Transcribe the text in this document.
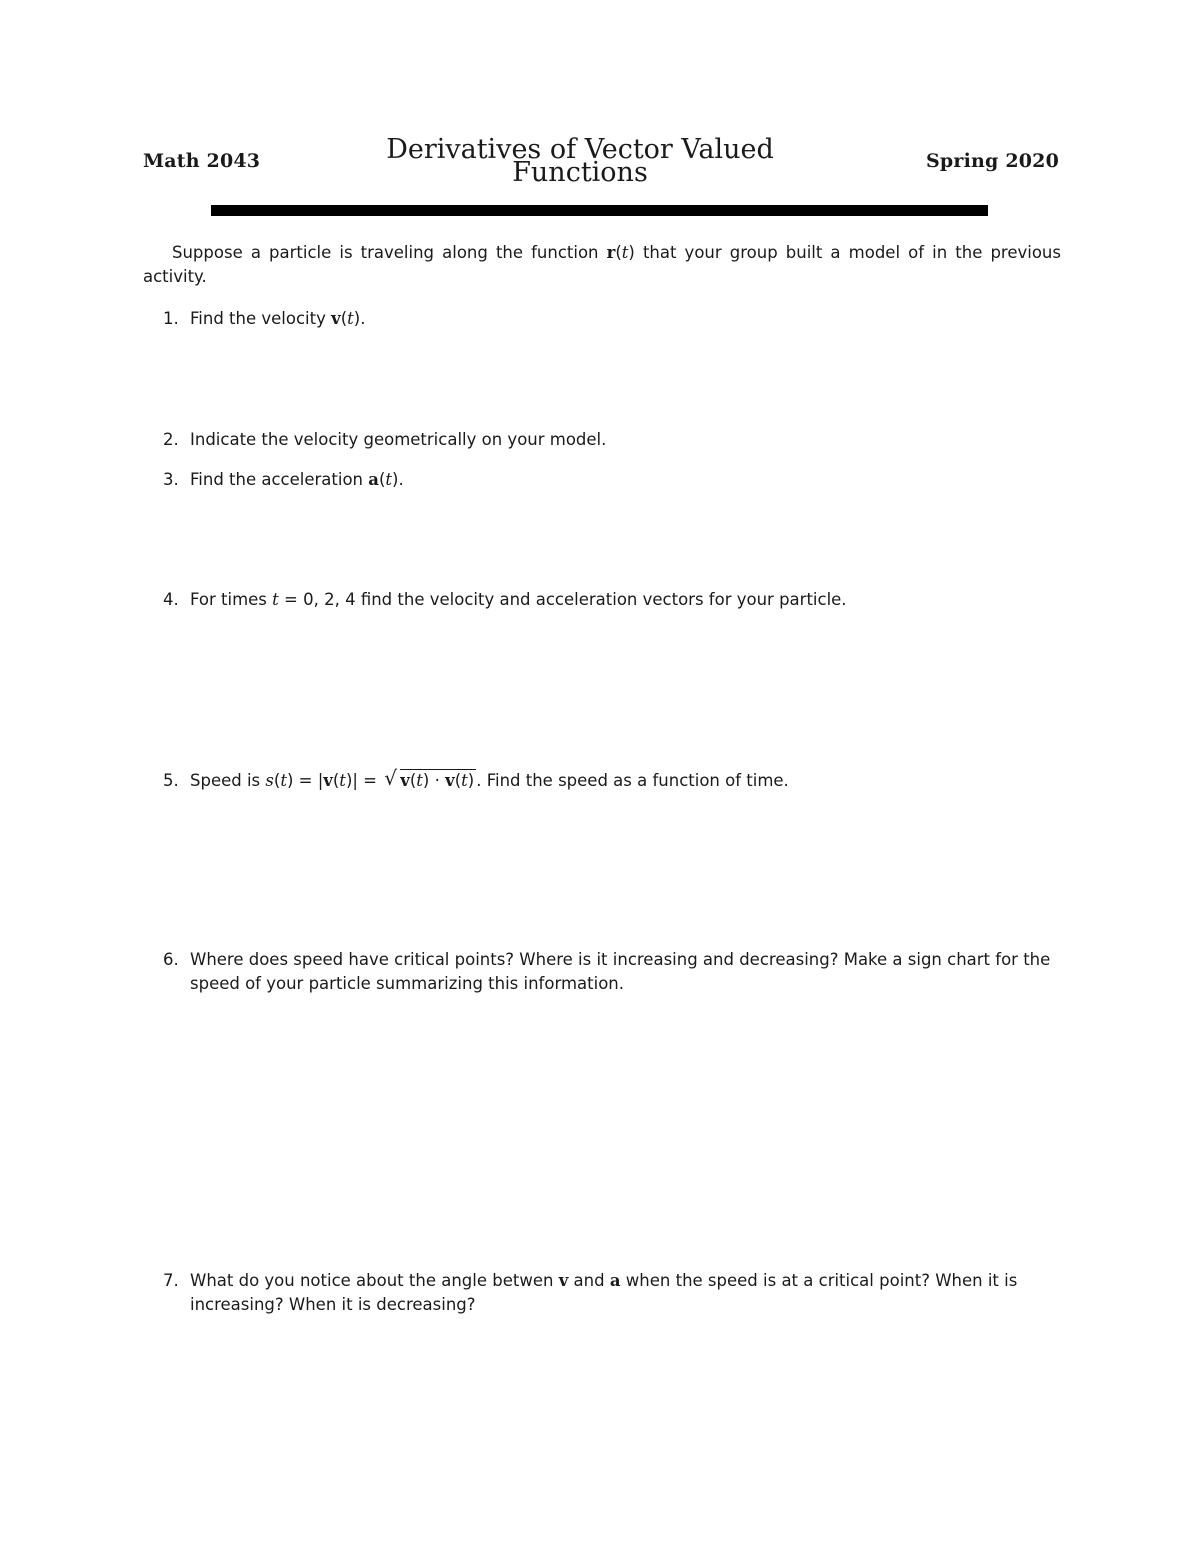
Math 2043	Derivatives of Vector Valued
Functions	Spring 2020
Suppose a particle is traveling along the function r(t) that your group built a model of in the previous activity.
1. Find the velocity v(t).
2. Indicate the velocity geometrically on your model.
3. Find the acceleration a(t).
4. For times t = 0, 2, 4 find the velocity and acceleration vectors for your particle.
5. Speed is s(t) = |v(t)| = √ v(t) · v(t) . Find the speed as a function of time.
6. Where does speed have critical points? Where is it increasing and decreasing? Make a sign chart for the speed of your particle summarizing this information.
7. What do you notice about the angle betwen v and a when the speed is at a critical point? When it is increasing? When it is decreasing?
